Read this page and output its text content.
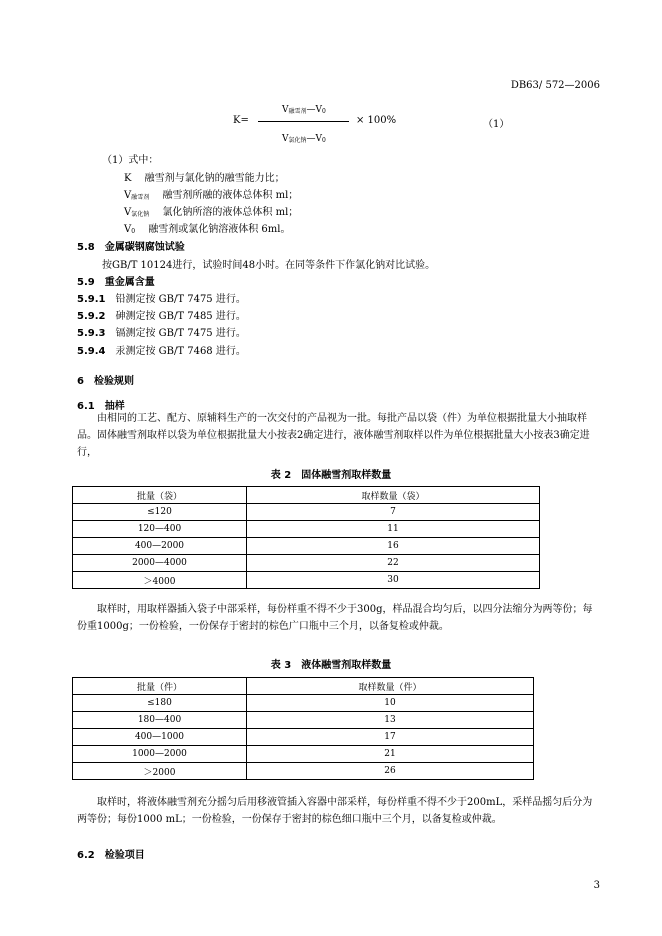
DB63/ 572—2006
K=
V融雪剂—V0
V氯化钠—V0
× 100%	（1）
（1）式中：
K　 融雪剂与氯化钠的融雪能力比；
V融雪剂　 融雪剂所融的液体总体积 ml；
V氯化钠　 氯化钠所溶的液体总体积 ml；
V0　 融雪剂或氯化钠溶液体积 6ml。
5.8　 金属碳钢腐蚀试验
按GB/T 10124进行，试验时间48小时。在同等条件下作氯化钠对比试验。
5.9　 重金属含量
5.9.1　 铅测定按 GB/T 7475 进行。
5.9.2　 砷测定按 GB/T 7485 进行。
5.9.3　 镉测定按 GB/T 7475 进行。
5.9.4　 汞测定按 GB/T 7468 进行。
6　 检验规则
6.1　 抽样
由相同的工艺、配方、原辅料生产的一次交付的产品视为一批。每批产品以袋（件）为单位根据批量大小抽取样品。固体融雪剂取样以袋为单位根据批量大小按表2确定进行，液体融雪剂取样以件为单位根据批量大小按表3确定进行，
表 2　固体融雪剂取样数量
批量（袋）	取样数量（袋）
≤120	7
120—400	11
400—2000	16
2000—4000	22
＞4000	30
取样时，用取样器插入袋子中部采样，每份样重不得不少于300g，样品混合均匀后，以四分法缩分为两等份；每份重1000g；一份检验，一份保存于密封的棕色广口瓶中三个月，以备复检或仲裁。
表 3　液体融雪剂取样数量
批量（件）	取样数量（件）
≤180	10
180—400	13
400—1000	17
1000—2000	21
＞2000	26
取样时，将液体融雪剂充分摇匀后用移液管插入容器中部采样，每份样重不得不少于200mL，采样品摇匀后分为两等份；每份1000 mL；一份检验，一份保存于密封的棕色细口瓶中三个月，以备复检或仲裁。
6.2　 检验项目
3
